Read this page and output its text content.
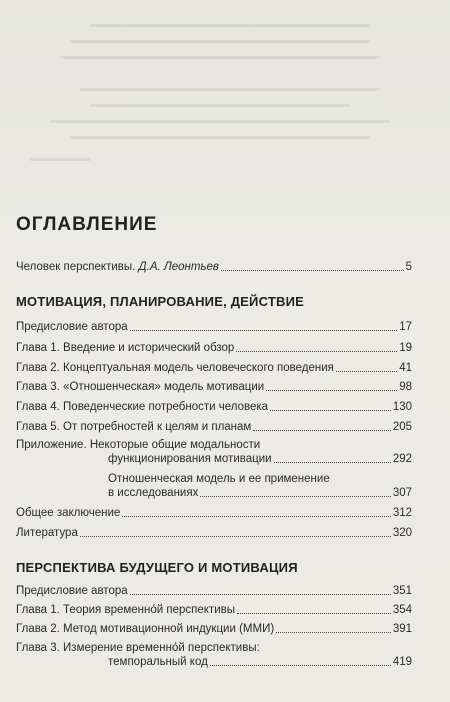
ОГЛАВЛЕНИЕ
Человек перспективы. Д.А. Леонтьев	5
МОТИВАЦИЯ, ПЛАНИРОВАНИЕ, ДЕЙСТВИЕ
Предисловие автора	17
Глава 1. Введение и исторический обзор	19
Глава 2. Концептуальная модель человеческого поведения	41
Глава 3. «Отношенческая» модель мотивации	98
Глава 4. Поведенческие потребности человека	130
Глава 5. От потребностей к целям и планам	205
Приложение. Некоторые общие модальности
функционирования мотивации	292
Отношенческая модель и ее применение
в исследованиях	307
Общее заключение	312
Литература	320
ПЕРСПЕКТИВА БУДУЩЕГО И МОТИВАЦИЯ
Предисловие автора	351
Глава 1. Теория временно́й перспективы	354
Глава 2. Метод мотивационной индукции (ММИ)	391
Глава 3. Измерение временно́й перспективы:
темпоральный код	419
